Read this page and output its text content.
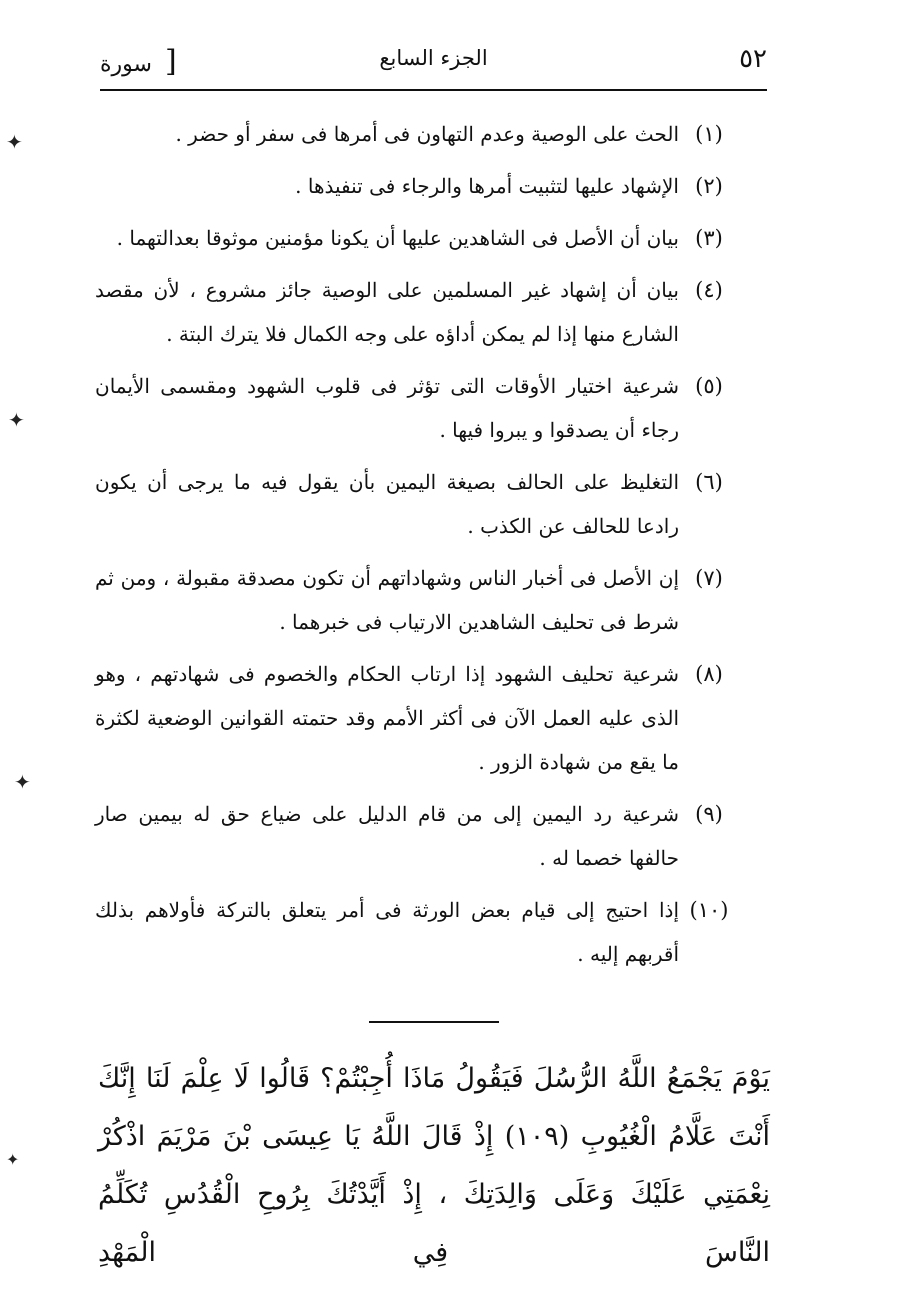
٥٢
الجزء السابع
[ سورة
(١)
الحث على الوصية وعدم التهاون فى أمرها فى سفر أو حضر .
(٢)
الإشهاد عليها لتثبيت أمرها والرجاء فى تنفيذها .
(٣)
بيان أن الأصل فى الشاهدين عليها أن يكونا مؤمنين موثوقا بعدالتهما .
(٤)
بيان أن إشهاد غير المسلمين على الوصية جائز مشروع ، لأن مقصد الشارع منها إذا لم يمكن أداؤه على وجه الكمال فلا يترك البتة .
(٥)
شرعية اختيار الأوقات التى تؤثر فى قلوب الشهود ومقسمى الأيمان رجاء أن يصدقوا و يبروا فيها .
(٦)
التغليظ على الحالف بصيغة اليمين بأن يقول فيه ما يرجى أن يكون رادعا للحالف عن الكذب .
(٧)
إن الأصل فى أخبار الناس وشهاداتهم أن تكون مصدقة مقبولة ، ومن ثم شرط فى تحليف الشاهدين الارتياب فى خبرهما .
(٨)
شرعية تحليف الشهود إذا ارتاب الحكام والخصوم فى شهادتهم ، وهو الذى عليه العمل الآن فى أكثر الأمم وقد حتمته القوانين الوضعية لكثرة ما يقع من شهادة الزور .
(٩)
شرعية رد اليمين إلى من قام الدليل على ضياع حق له بيمين صار حالفها خصما له .
(١٠)
إذا احتيج إلى قيام بعض الورثة فى أمر يتعلق بالتركة فأولاهم بذلك أقربهم إليه .
يَوْمَ يَجْمَعُ اللَّهُ الرُّسُلَ فَيَقُولُ مَاذَا أُجِبْتُمْ؟ قَالُوا لَا عِلْمَ لَنَا إِنَّكَ أَنْتَ عَلَّامُ الْغُيُوبِ (١٠٩) إِذْ قَالَ اللَّهُ يَا عِيسَى بْنَ مَرْيَمَ اذْكُرْ نِعْمَتِي عَلَيْكَ وَعَلَى وَالِدَتِكَ ، إِذْ أَيَّدْتُكَ بِرُوحِ الْقُدُسِ تُكَلِّمُ النَّاسَ فِي الْمَهْدِ
✦
✦
✦
✦
